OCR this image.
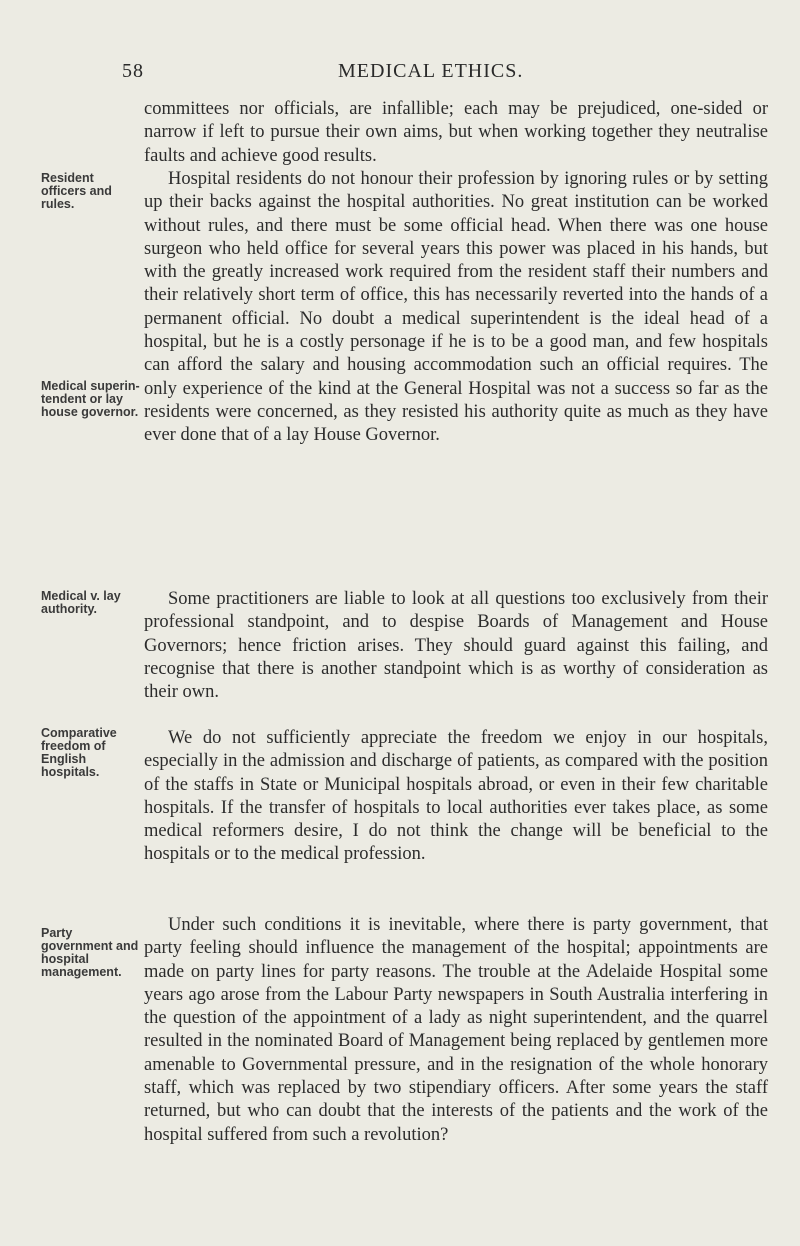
58	MEDICAL ETHICS.
Resident officers and rules.
Medical superin-tendent or lay house governor.
Medical v. lay authority.
Comparative freedom of English hospitals.
Party government and hospital management.

committees nor officials, are infallible; each may be prejudiced, one-sided or narrow if left to pursue their own aims, but when working together they neutralise faults and achieve good results.

Hospital residents do not honour their profession by ignoring rules or by setting up their backs against the hospital authorities. No great institution can be worked without rules, and there must be some official head. When there was one house surgeon who held office for several years this power was placed in his hands, but with the greatly increased work required from the resident staff their numbers and their relatively short term of office, this has necessarily reverted into the hands of a permanent official. No doubt a medical superintendent is the ideal head of a hospital, but he is a costly personage if he is to be a good man, and few hospitals can afford the salary and housing accommodation such an official requires. The only experience of the kind at the General Hospital was not a success so far as the residents were concerned, as they resisted his authority quite as much as they have ever done that of a lay House Governor.

Some practitioners are liable to look at all questions too exclusively from their professional standpoint, and to despise Boards of Management and House Governors; hence friction arises. They should guard against this failing, and recognise that there is another standpoint which is as worthy of consideration as their own.

We do not sufficiently appreciate the freedom we enjoy in our hospitals, especially in the admission and discharge of patients, as compared with the position of the staffs in State or Municipal hospitals abroad, or even in their few charitable hospitals. If the transfer of hospitals to local authorities ever takes place, as some medical reformers desire, I do not think the change will be beneficial to the hospitals or to the medical profession.

Under such conditions it is inevitable, where there is party government, that party feeling should influence the management of the hospital; appointments are made on party lines for party reasons. The trouble at the Adelaide Hospital some years ago arose from the Labour Party newspapers in South Australia interfering in the question of the appointment of a lady as night superintendent, and the quarrel resulted in the nominated Board of Management being replaced by gentlemen more amenable to Governmental pressure, and in the resignation of the whole honorary staff, which was replaced by two stipendiary officers. After some years the staff returned, but who can doubt that the interests of the patients and the work of the hospital suffered from such a revolution?
